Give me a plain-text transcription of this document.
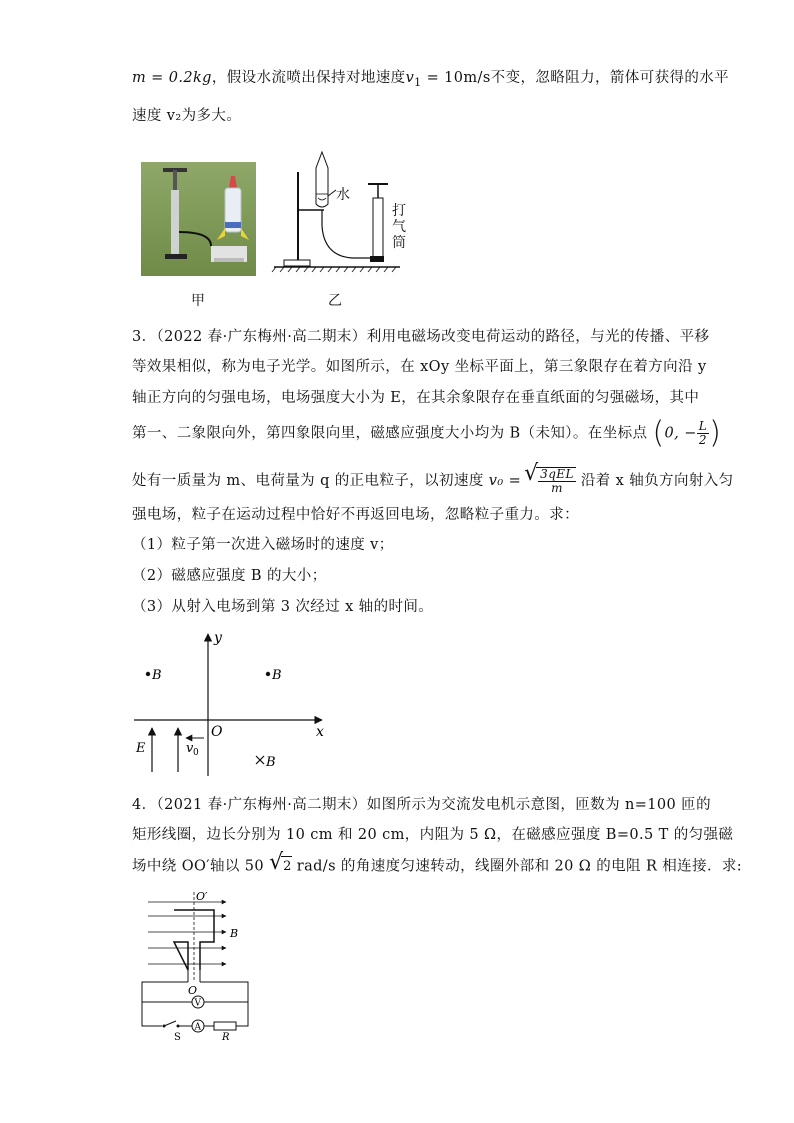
m = 0.2kg，假设水流喷出保持对地速度$v_1 = 10m/s$不变，忽略阻力，箭体可获得的水平
速度 v₂为多大。
水
打
气
筒
甲	乙
3．（2022 春·广东梅州·高二期末）利用电磁场改变电荷运动的路径，与光的传播、平移
等效果相似，称为电子光学。如图所示，在 xOy 坐标平面上，第三象限存在着方向沿 y
轴正方向的匀强电场，电场强度大小为 E，在其余象限存在垂直纸面的匀强磁场，其中
第一、二象限向外，第四象限向里，磁感应强度大小均为 B（未知）。在坐标点 (0, − $\frac{L}{2}$ )
处有一质量为 m、电荷量为 q 的正电粒子，以初速度 v₀ = √ $\frac{\text{3qEL}}{m}$ 沿着 x 轴负方向射入匀
强电场，粒子在运动过程中恰好不再返回电场，忽略粒子重力。求：
（1）粒子第一次进入磁场时的速度 v；
（2）磁感应强度 B 的大小；
（3）从射入电场到第 3 次经过 x 轴的时间。
y
x
O
B	B
B
E	v 0
4．（2021 春·广东梅州·高二期末）如图所示为交流发电机示意图，匝数为 n=100 匝的
矩形线圈，边长分别为 10 cm 和 20 cm，内阻为 5 Ω，在磁感应强度 B=0.5 T 的匀强磁
场中绕 OO′轴以 50 √ 2 rad/s 的角速度匀速转动，线圈外部和 20 Ω 的电阻 R 相连接．求:
O′
O
B
V
A
S	R
